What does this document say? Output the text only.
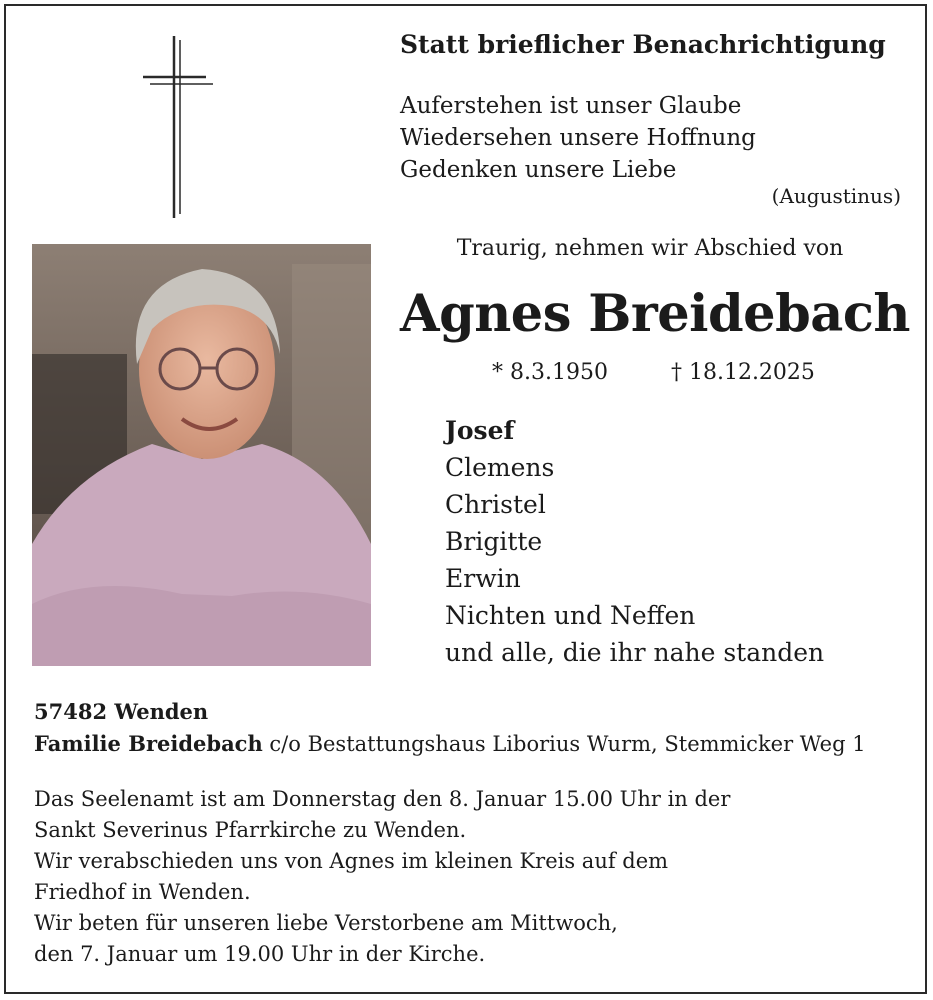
Statt brieflicher Benachrichtigung
Auferstehen ist unser Glaube
Wiedersehen unsere Hoffnung
Gedenken unsere Liebe
(Augustinus)
Traurig, nehmen wir Abschied von
Agnes Breidebach
* 8.3.1950	† 18.12.2025
Josef
Clemens
Christel
Brigitte
Erwin
Nichten und Neffen
und alle, die ihr nahe standen
57482 Wenden
Familie Breidebach c/o Bestattungshaus Liborius Wurm, Stemmicker Weg 1
Das Seelenamt ist am Donnerstag den 8. Januar 15.00 Uhr in der
Sankt Severinus Pfarrkirche zu Wenden.
Wir verabschieden uns von Agnes im kleinen Kreis auf dem
Friedhof in Wenden.
Wir beten für unseren liebe Verstorbene am Mittwoch,
den 7. Januar um 19.00 Uhr in der Kirche.
